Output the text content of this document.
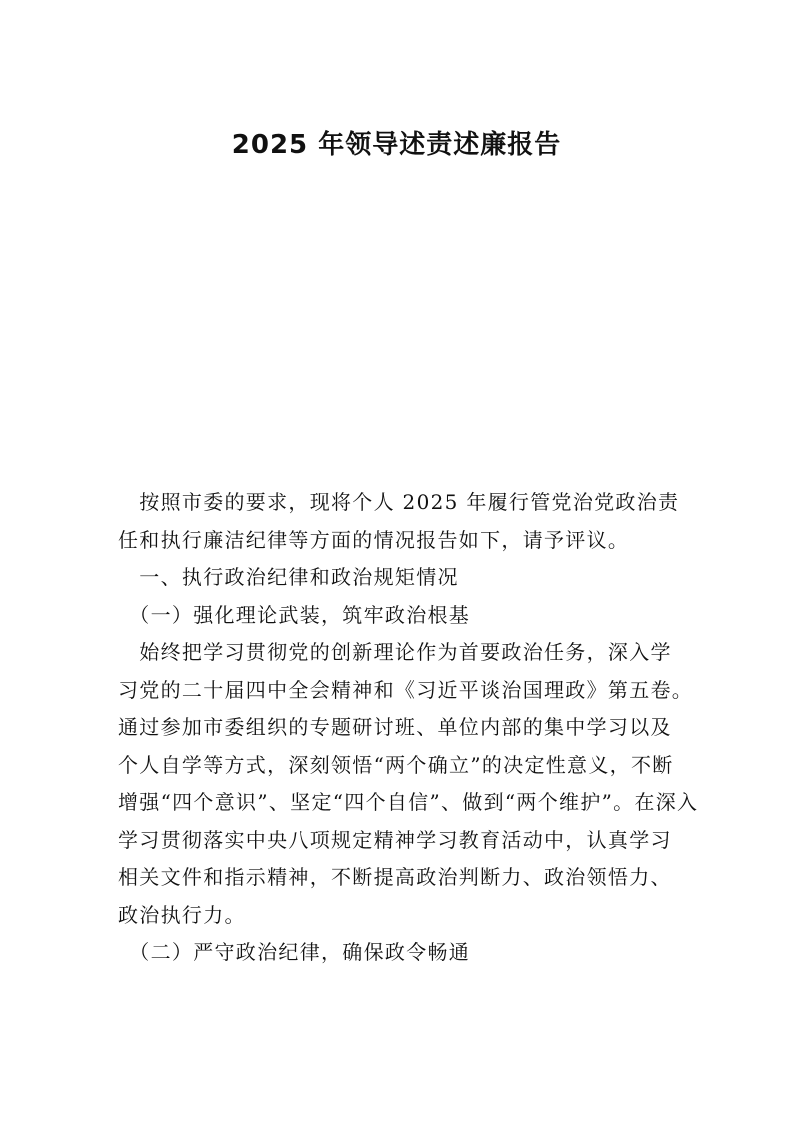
2025 年领导述责述廉报告
　按照市委的要求，现将个人 2025 年履行管党治党政治责
任和执行廉洁纪律等方面的情况报告如下，请予评议。
　一、执行政治纪律和政治规矩情况
　（一）强化理论武装，筑牢政治根基
　始终把学习贯彻党的创新理论作为首要政治任务，深入学
习党的二十届四中全会精神和《习近平谈治国理政》第五卷。
通过参加市委组织的专题研讨班、单位内部的集中学习以及
个人自学等方式，深刻领悟“两个确立”的决定性意义，不断
增强“四个意识”、坚定“四个自信”、做到“两个维护”。在深入
学习贯彻落实中央八项规定精神学习教育活动中，认真学习
相关文件和指示精神，不断提高政治判断力、政治领悟力、
政治执行力。
　（二）严守政治纪律，确保政令畅通
